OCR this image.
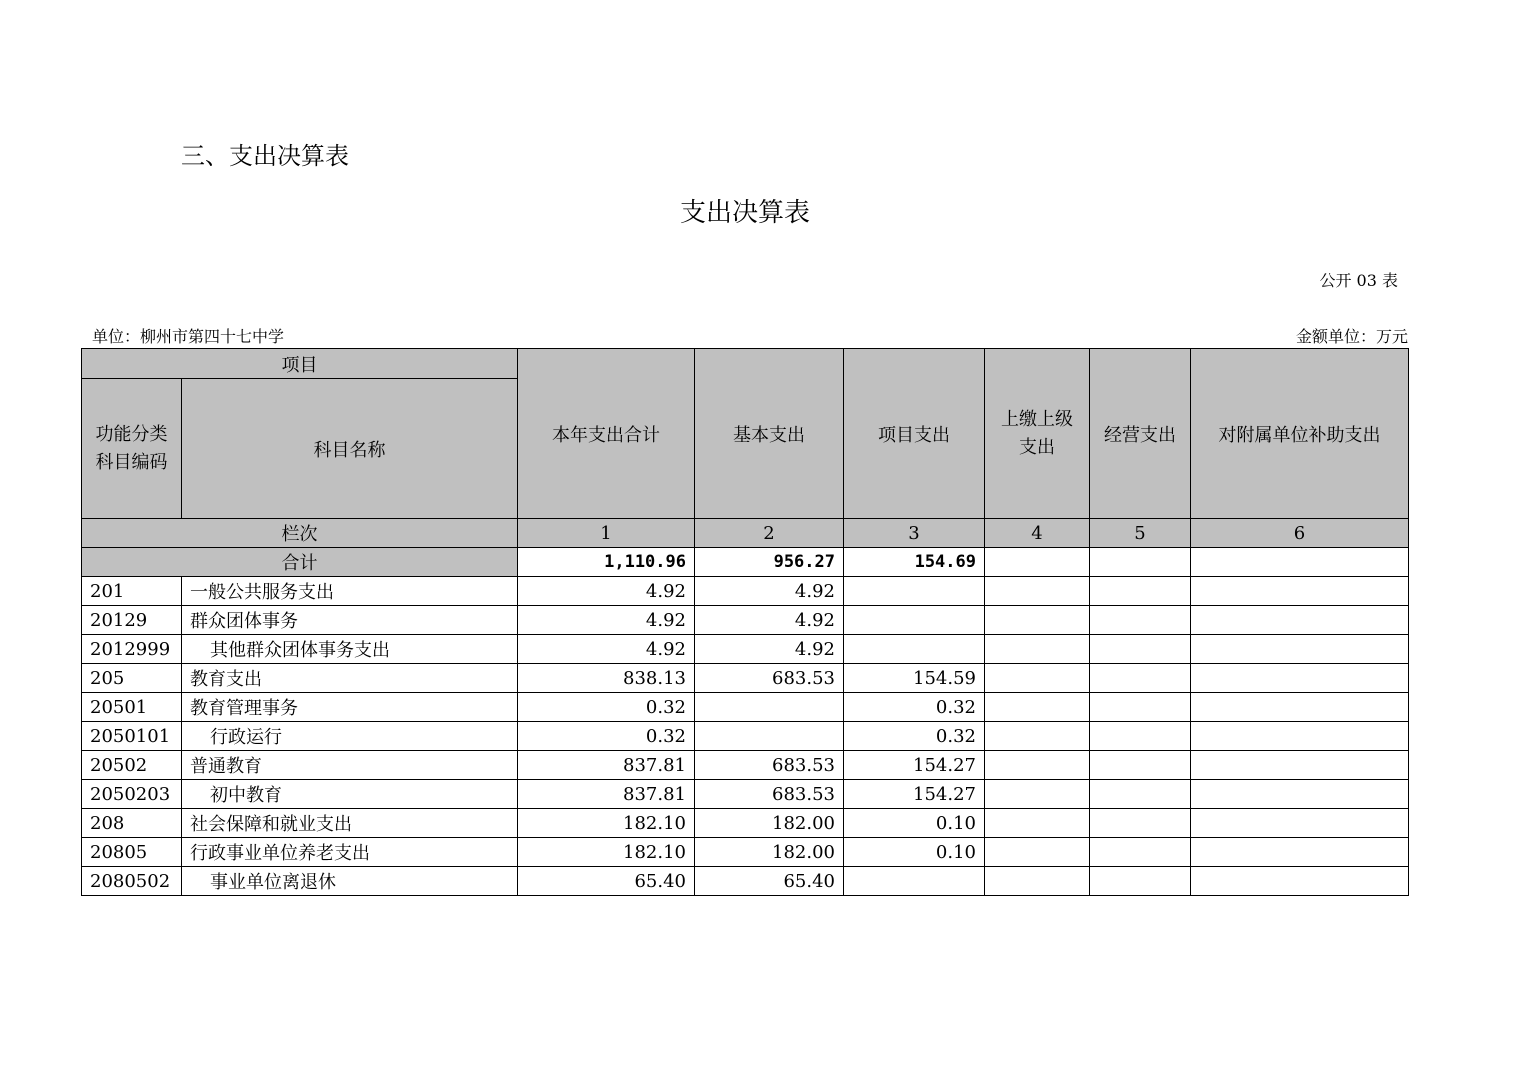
三、支出决算表
支出决算表
公开 03 表
单位：柳州市第四十七中学	金额单位：万元
项目		本年支出合计	基本支出	项目支出	上缴上级支出	经营支出	对附属单位补助支出
功能分类科目编码	科目名称						
栏次		1	2	3	4	5	6
合计		1,110.96	956.27	154.69			
201	一般公共服务支出	4.92	4.92				
20129	群众团体事务	4.92	4.92				
2012999	其他群众团体事务支出	4.92	4.92				
205	教育支出	838.13	683.53	154.59			
20501	教育管理事务	0.32		0.32			
2050101	行政运行	0.32		0.32			
20502	普通教育	837.81	683.53	154.27			
2050203	初中教育	837.81	683.53	154.27			
208	社会保障和就业支出	182.10	182.00	0.10			
20805	行政事业单位养老支出	182.10	182.00	0.10			
2080502	事业单位离退休	65.40	65.40				
